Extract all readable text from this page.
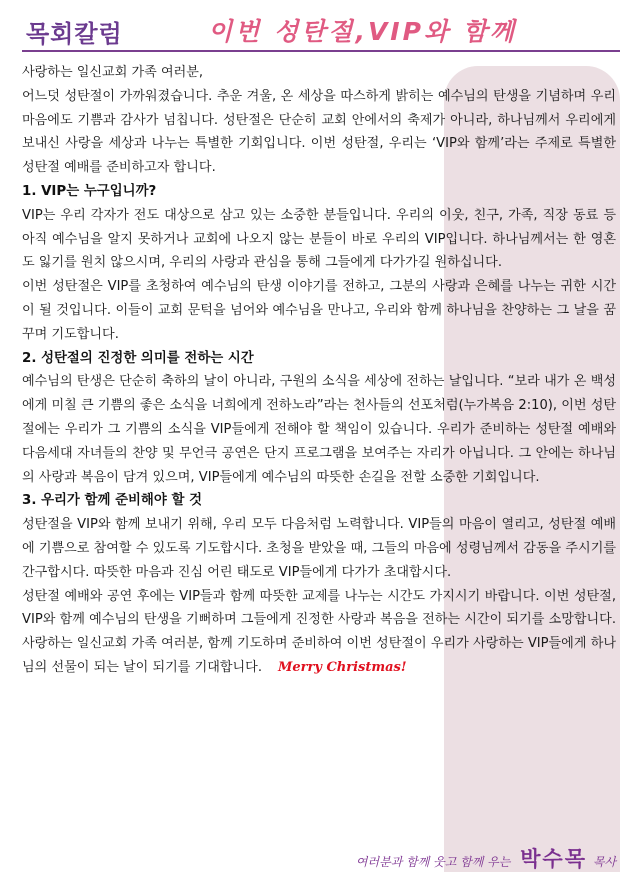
목회칼럼	이번 성탄절,VIP와 함께

사랑하는 일신교회 가족 여러분,

어느덧 성탄절이 가까워졌습니다. 추운 겨울, 온 세상을 따스하게 밝히는 예수님의 탄생을 기념하며 우리 마음에도 기쁨과 감사가 넘칩니다. 성탄절은 단순히 교회 안에서의 축제가 아니라, 하나님께서 우리에게 보내신 사랑을 세상과 나누는 특별한 기회입니다. 이번 성탄절, 우리는 ‘VIP와 함께’라는 주제로 특별한 성탄절 예배를 준비하고자 합니다.

1. VIP는 누구입니까?

VIP는 우리 각자가 전도 대상으로 삼고 있는 소중한 분들입니다. 우리의 이웃, 친구, 가족, 직장 동료 등 아직 예수님을 알지 못하거나 교회에 나오지 않는 분들이 바로 우리의 VIP입니다. 하나님께서는 한 영혼도 잃기를 원치 않으시며, 우리의 사랑과 관심을 통해 그들에게 다가가길 원하십니다.

이번 성탄절은 VIP를 초청하여 예수님의 탄생 이야기를 전하고, 그분의 사랑과 은혜를 나누는 귀한 시간이 될 것입니다. 이들이 교회 문턱을 넘어와 예수님을 만나고, 우리와 함께 하나님을 찬양하는 그 날을 꿈꾸며 기도합니다.

2. 성탄절의 진정한 의미를 전하는 시간

예수님의 탄생은 단순히 축하의 날이 아니라, 구원의 소식을 세상에 전하는 날입니다. “보라 내가 온 백성에게 미칠 큰 기쁨의 좋은 소식을 너희에게 전하노라”라는 천사들의 선포처럼(누가복음 2:10), 이번 성탄절에는 우리가 그 기쁨의 소식을 VIP들에게 전해야 할 책임이 있습니다. 우리가 준비하는 성탄절 예배와 다음세대 자녀들의 찬양 및 무언극 공연은 단지 프로그램을 보여주는 자리가 아닙니다. 그 안에는 하나님의 사랑과 복음이 담겨 있으며, VIP들에게 예수님의 따뜻한 손길을 전할 소중한 기회입니다.

3. 우리가 함께 준비해야 할 것

성탄절을 VIP와 함께 보내기 위해, 우리 모두 다음처럼 노력합니다. VIP들의 마음이 열리고, 성탄절 예배에 기쁨으로 참여할 수 있도록 기도합시다. 초청을 받았을 때, 그들의 마음에 성령님께서 감동을 주시기를 간구합시다. 따뜻한 마음과 진심 어린 태도로 VIP들에게 다가가 초대합시다.

성탄절 예배와 공연 후에는 VIP들과 함께 따뜻한 교제를 나누는 시간도 가지시기 바랍니다. 이번 성탄절, VIP와 함께 예수님의 탄생을 기뻐하며 그들에게 진정한 사랑과 복음을 전하는 시간이 되기를 소망합니다. 사랑하는 일신교회 가족 여러분, 함께 기도하며 준비하여 이번 성탄절이 우리가 사랑하는 VIP들에게 하나님의 선물이 되는 날이 되기를 기대합니다. Merry Christmas!

여러분과 함께 웃고 함께 우는 박수목 목사
